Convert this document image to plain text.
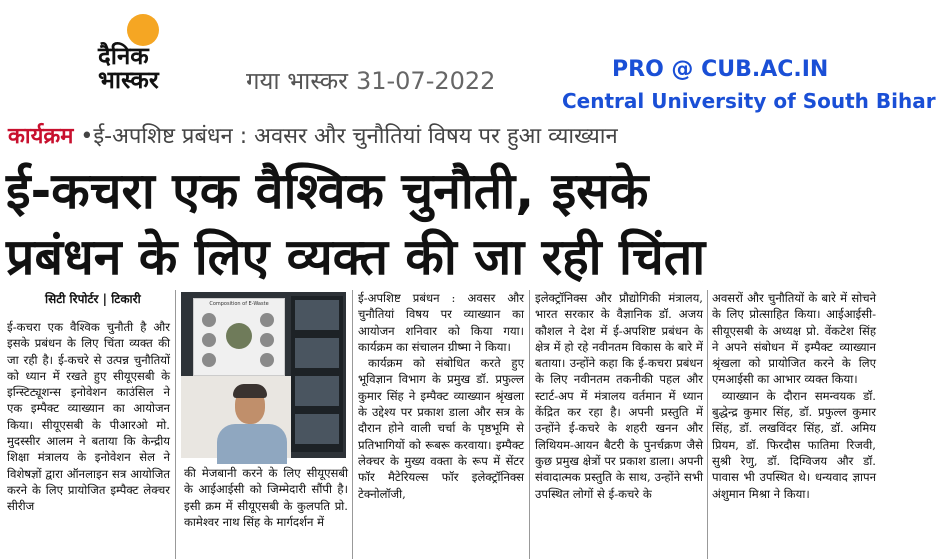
दैनिक
भास्कर	गया भास्कर 31-07-2022	PRO @ CUB.AC.IN
Central University of South Bihar
कार्यक्रम •ई-अपशिष्ट प्रबंधन : अवसर और चुनौतियां विषय पर हुआ व्याख्यान
ई-कचरा एक वैश्विक चुनौती, इसके
प्रबंधन के लिए व्यक्त की जा रही चिंता
सिटी रिपोर्टर | टिकारी	Composition of E-Waste

ई-कचरा एक वैश्विक चुनौती है और इसके प्रबंधन के लिए चिंता व्यक्त की जा रही है। ई-कचरे से उत्पन्न चुनौतियों को ध्यान में रखते हुए सीयूएसबी के इन्स्टिट्यूशन्स इनोवेशन काउंसिल ने एक इम्पैक्ट व्याख्यान का आयोजन किया। सीयूएसबी के पीआरओ मो. मुदस्सीर आलम ने बताया कि केन्द्रीय शिक्षा मंत्रालय के इनोवेशन सेल ने विशेषज्ञों द्वारा ऑनलाइन सत्र आयोजित करने के लिए प्रायोजित इम्पैक्ट लेक्चर सीरीज

की मेजबानी करने के लिए सीयूएसबी के आईआईसी को जिम्मेदारी सौंपी है। इसी क्रम में सीयूएसबी के कुलपति प्रो. कामेश्वर नाथ सिंह के मार्गदर्शन में

ई-अपशिष्ट प्रबंधन : अवसर और चुनौतियां विषय पर व्याख्यान का आयोजन शनिवार को किया गया। कार्यक्रम का संचालन ग्रीष्मा ने किया।

कार्यक्रम को संबोधित करते हुए भूविज्ञान विभाग के प्रमुख डॉ. प्रफुल्ल कुमार सिंह ने इम्पैक्ट व्याख्यान श्रृंखला के उद्देश्य पर प्रकाश डाला और सत्र के दौरान होने वाली चर्चा के पृष्ठभूमि से प्रतिभागियों को रूबरू करवाया। इम्पैक्ट लेक्चर के मुख्य वक्ता के रूप में सेंटर फॉर मैटेरियल्स फॉर इलेक्ट्रॉनिक्स टेक्नोलॉजी,

इलेक्ट्रॉनिक्स और प्रौद्योगिकी मंत्रालय, भारत सरकार के वैज्ञानिक डॉ. अजय कौशल ने देश में ई-अपशिष्ट प्रबंधन के क्षेत्र में हो रहे नवीनतम विकास के बारे में बताया। उन्होंने कहा कि ई-कचरा प्रबंधन के लिए नवीनतम तकनीकी पहल और स्टार्ट-अप में मंत्रालय वर्तमान में ध्यान केंद्रित कर रहा है। अपनी प्रस्तुति में उन्होंने ई-कचरे के शहरी खनन और लिथियम-आयन बैटरी के पुनर्चक्रण जैसे कुछ प्रमुख क्षेत्रों पर प्रकाश डाला। अपनी संवादात्मक प्रस्तुति के साथ, उन्होंने सभी उपस्थित लोगों से ई-कचरे के

अवसरों और चुनौतियों के बारे में सोचने के लिए प्रोत्साहित किया। आईआईसी-सीयूएसबी के अध्यक्ष प्रो. वेंकटेश सिंह ने अपने संबोधन में इम्पैक्ट व्याख्यान श्रृंखला को प्रायोजित करने के लिए एमआईसी का आभार व्यक्त किया।

व्याख्यान के दौरान समन्वयक डॉ. बुद्धेन्द्र कुमार सिंह, डॉ. प्रफुल्ल कुमार सिंह, डॉ. लखविंदर सिंह, डॉ. अमिय प्रियम, डॉ. फिरदौस फातिमा रिजवी, सुश्री रेणु, डॉ. दिग्विजय और डॉ. पावास भी उपस्थित थे। धन्यवाद ज्ञापन अंशुमान मिश्रा ने किया।
